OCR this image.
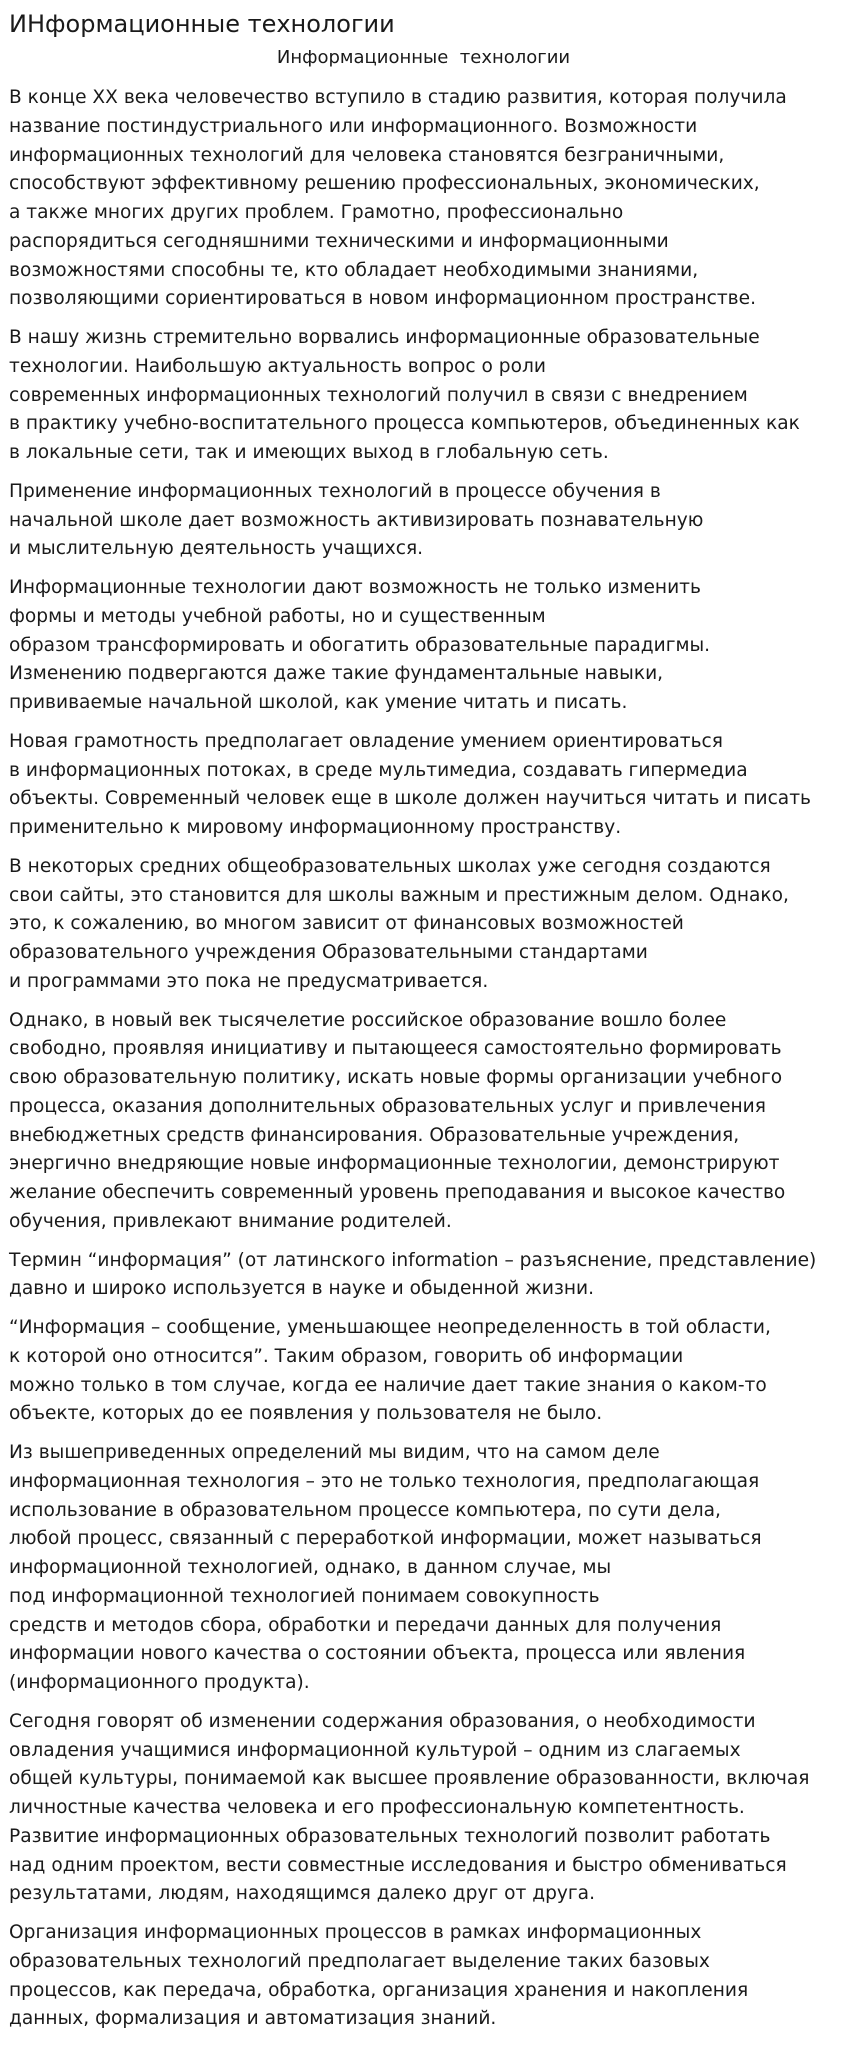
ИНформационные технологии
Информационные  технологии

В конце ХХ века человечество вступило в стадию развития, которая получила
название постиндустриального или информационного. Возможности
информационных технологий для человека становятся безграничными,
способствуют эффективному решению профессиональных, экономических,
а также многих других проблем. Грамотно, профессионально
распорядиться сегодняшними техническими и информационными
возможностями способны те, кто обладает необходимыми знаниями,
позволяющими сориентироваться в новом информационном пространстве.

В нашу жизнь стремительно ворвались информационные образовательные
технологии. Наибольшую актуальность вопрос о роли
современных информационных технологий получил в связи с внедрением
в практику учебно-воспитательного процесса компьютеров, объединенных как
в локальные сети, так и имеющих выход в глобальную сеть.

Применение информационных технологий в процессе обучения в
начальной школе дает возможность активизировать познавательную
и мыслительную деятельность учащихся.

Информационные технологии дают возможность не только изменить
формы и методы учебной работы, но и существенным
образом трансформировать и обогатить образовательные парадигмы.
Изменению подвергаются даже такие фундаментальные навыки,
прививаемые начальной школой, как умение читать и писать.

Новая грамотность предполагает овладение умением ориентироваться
в информационных потоках, в среде мультимедиа, создавать гипермедиа
объекты. Современный человек еще в школе должен научиться читать и писать
применительно к мировому информационному пространству.

В некоторых средних общеобразовательных школах уже сегодня создаются
свои сайты, это становится для школы важным и престижным делом. Однако,
это, к сожалению, во многом зависит от финансовых возможностей
образовательного учреждения Образовательными стандартами
и программами это пока не предусматривается.

Однако, в новый век тысячелетие российское образование вошло более
свободно, проявляя инициативу и пытающееся самостоятельно формировать
свою образовательную политику, искать новые формы организации учебного
процесса, оказания дополнительных образовательных услуг и привлечения
внебюджетных средств финансирования. Образовательные учреждения,
энергично внедряющие новые информационные технологии, демонстрируют
желание обеспечить современный уровень преподавания и высокое качество
обучения, привлекают внимание родителей.

Термин “информация” (от латинского information – разъяснение, представление)
давно и широко используется в науке и обыденной жизни.

“Информация – сообщение, уменьшающее неопределенность в той области,
к которой оно относится”. Таким образом, говорить об информации
можно только в том случае, когда ее наличие дает такие знания о каком-то
объекте, которых до ее появления у пользователя не было.

Из вышеприведенных определений мы видим, что на самом деле
информационная технология – это не только технология, предполагающая
использование в образовательном процессе компьютера, по сути дела,
любой процесс, связанный с переработкой информации, может называться
информационной технологией, однако, в данном случае, мы
под информационной технологией понимаем совокупность
средств и методов сбора, обработки и передачи данных для получения
информации нового качества о состоянии объекта, процесса или явления
(информационного продукта).

Сегодня говорят об изменении содержания образования, о необходимости
овладения учащимися информационной культурой – одним из слагаемых
общей культуры, понимаемой как высшее проявление образованности, включая
личностные качества человека и его профессиональную компетентность.
Развитие информационных образовательных технологий позволит работать
над одним проектом, вести совместные исследования и быстро обмениваться
результатами, людям, находящимся далеко друг от друга.

Организация информационных процессов в рамках информационных
образовательных технологий предполагает выделение таких базовых
процессов, как передача, обработка, организация хранения и накопления
данных, формализация и автоматизация знаний.
